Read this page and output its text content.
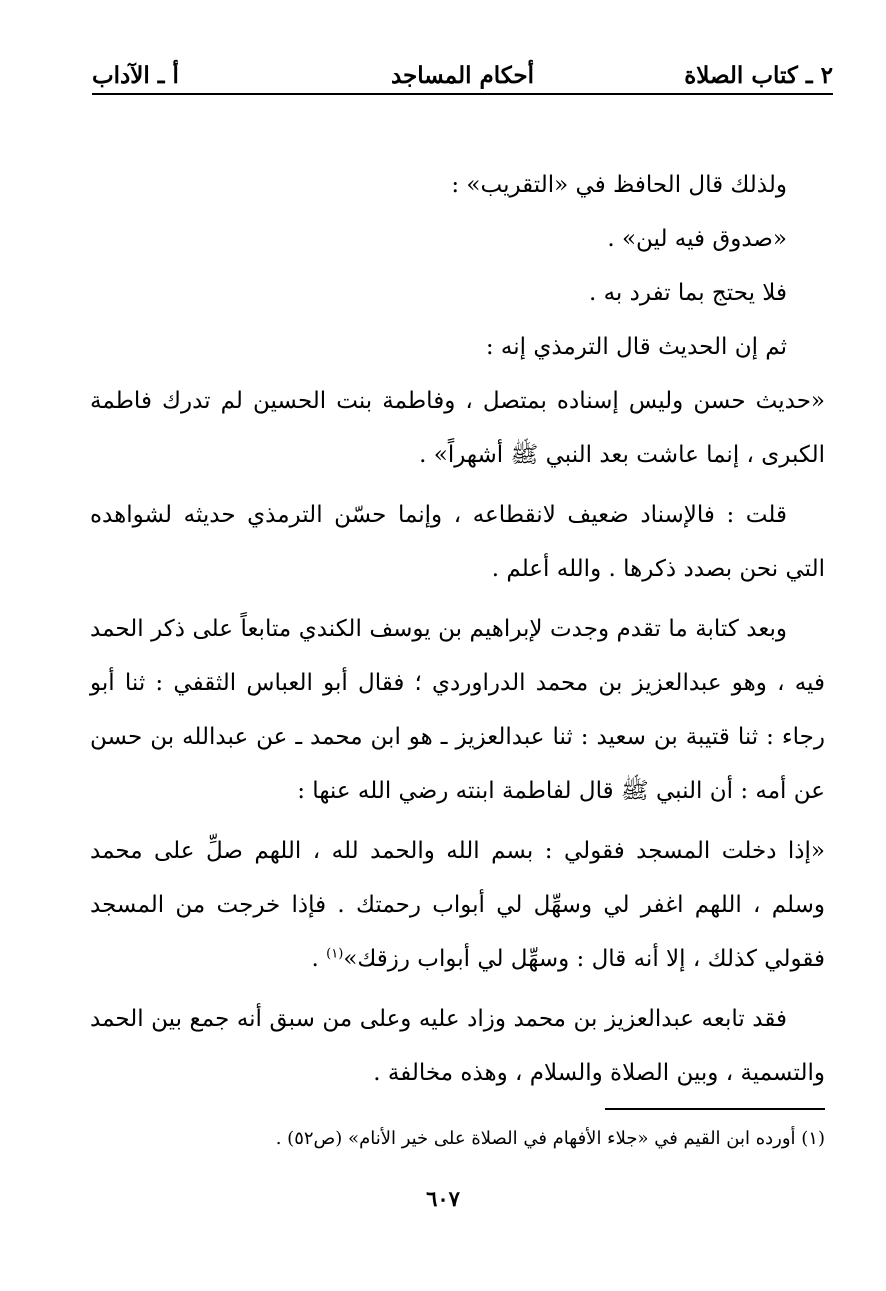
٢ ـ كتاب الصلاة
أحكام المساجد
أ ـ الآداب

ولذلك قال الحافظ في «التقريب» :

«صدوق فيه لين» .

فلا يحتج بما تفرد به .

ثم إن الحديث قال الترمذي إنه :

«حديث حسن وليس إسناده بمتصل ، وفاطمة بنت الحسين لم تدرك فاطمة الكبرى ، إنما عاشت بعد النبي ﷺ أشهراً» .

قلت : فالإسناد ضعيف لانقطاعه ، وإنما حسّن الترمذي حديثه لشواهده التي نحن بصدد ذكرها . والله أعلم .

وبعد كتابة ما تقدم وجدت لإبراهيم بن يوسف الكندي متابعاً على ذكر الحمد فيه ، وهو عبدالعزيز بن محمد الدراوردي ؛ فقال أبو العباس الثقفي : ثنا أبو رجاء : ثنا قتيبة بن سعيد : ثنا عبدالعزيز ـ هو ابن محمد ـ عن عبدالله بن حسن عن أمه : أن النبي ﷺ قال لفاطمة ابنته رضي الله عنها :

«إذا دخلت المسجد فقولي : بسم الله والحمد لله ، اللهم صلِّ على محمد وسلم ، اللهم اغفر لي وسهِّل لي أبواب رحمتك . فإذا خرجت من المسجد فقولي كذلك ، إلا أنه قال : وسهِّل لي أبواب رزقك»$^{(١)}$ .

فقد تابعه عبدالعزيز بن محمد وزاد عليه وعلى من سبق أنه جمع بين الحمد والتسمية ، وبين الصلاة والسلام ، وهذه مخالفة .

(١) أورده ابن القيم في «جلاء الأفهام في الصلاة على خير الأنام» (ص٥٢) .
٦٠٧
